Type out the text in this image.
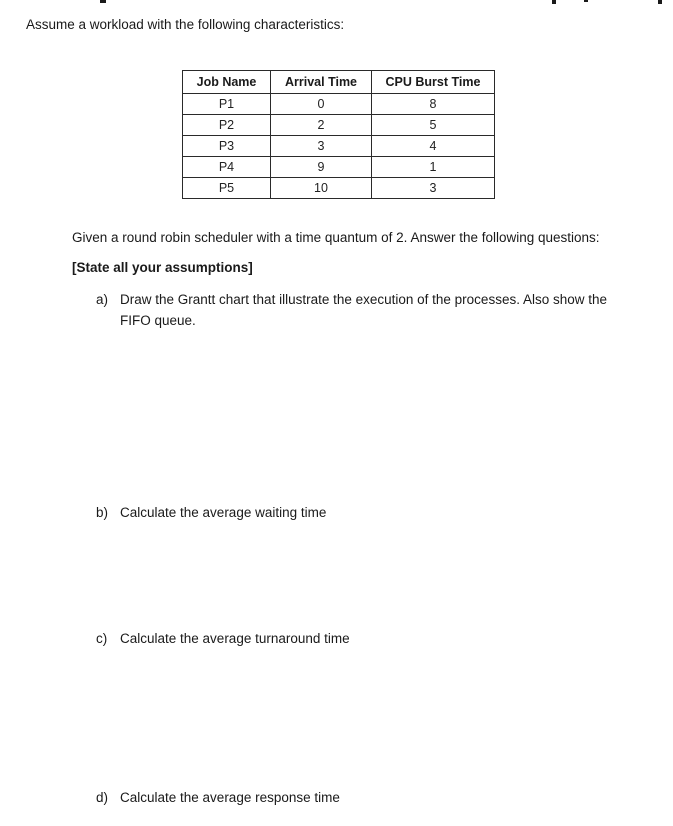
Assume a workload with the following characteristics:
Job Name	Arrival Time	CPU Burst Time
P1	0	8
P2	2	5
P3	3	4
P4	9	1
P5	10	3
Given a round robin scheduler with a time quantum of 2. Answer the following questions:
[State all your assumptions]
a) Draw the Grantt chart that illustrate the execution of the processes. Also show the
FIFO queue.
b) Calculate the average waiting time
c) Calculate the average turnaround time
d) Calculate the average response time
